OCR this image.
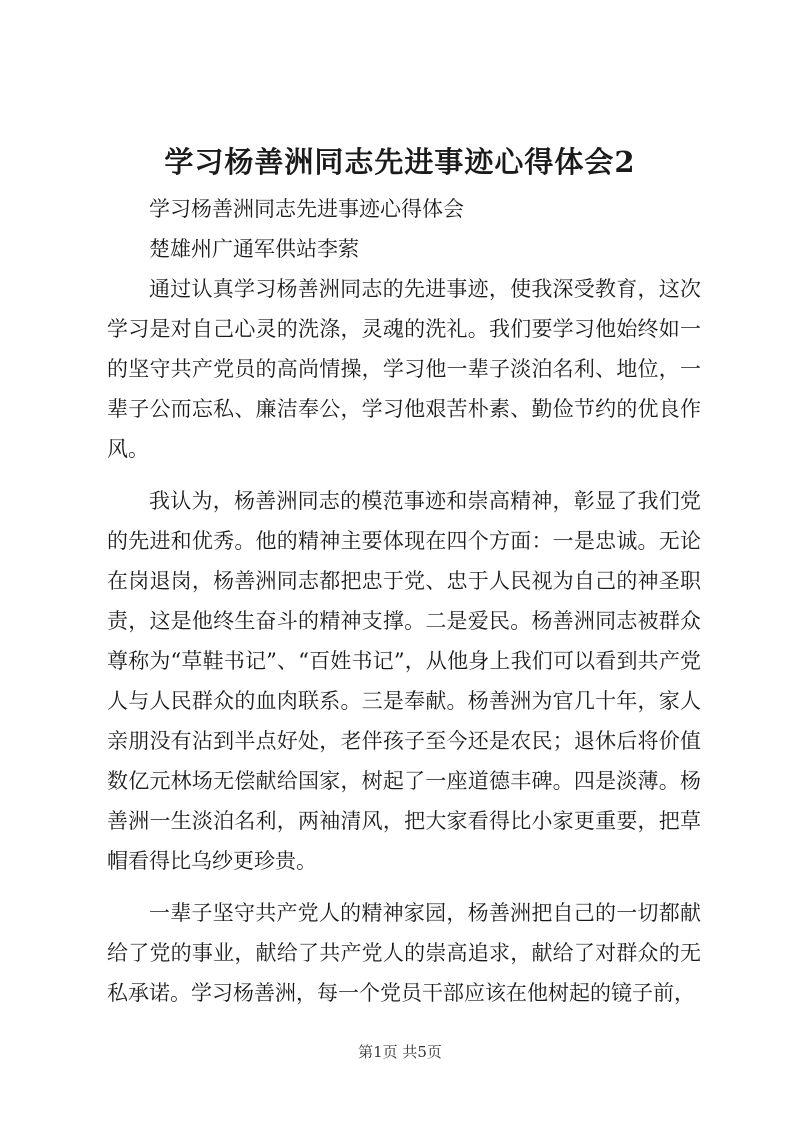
学习杨善洲同志先进事迹心得体会2

学习杨善洲同志先进事迹心得体会

楚雄州广通军供站李萦

通过认真学习杨善洲同志的先进事迹，使我深受教育，这次学习是对自己心灵的洗涤，灵魂的洗礼。我们要学习他始终如一的坚守共产党员的高尚情操，学习他一辈子淡泊名利、地位，一辈子公而忘私、廉洁奉公，学习他艰苦朴素、勤俭节约的优良作风。

我认为，杨善洲同志的模范事迹和崇高精神，彰显了我们党的先进和优秀。他的精神主要体现在四个方面：一是忠诚。无论在岗退岗，杨善洲同志都把忠于党、忠于人民视为自己的神圣职责，这是他终生奋斗的精神支撑。二是爱民。杨善洲同志被群众尊称为“草鞋书记”、“百姓书记”，从他身上我们可以看到共产党人与人民群众的血肉联系。三是奉献。杨善洲为官几十年，家人亲朋没有沾到半点好处，老伴孩子至今还是农民；退休后将价值数亿元林场无偿献给国家，树起了一座道德丰碑。四是淡薄。杨善洲一生淡泊名利，两袖清风，把大家看得比小家更重要，把草帽看得比乌纱更珍贵。

一辈子坚守共产党人的精神家园，杨善洲把自己的一切都献给了党的事业，献给了共产党人的崇高追求，献给了对群众的无私承诺。学习杨善洲，每一个党员干部应该在他树起的镜子前，

第1页 共5页
